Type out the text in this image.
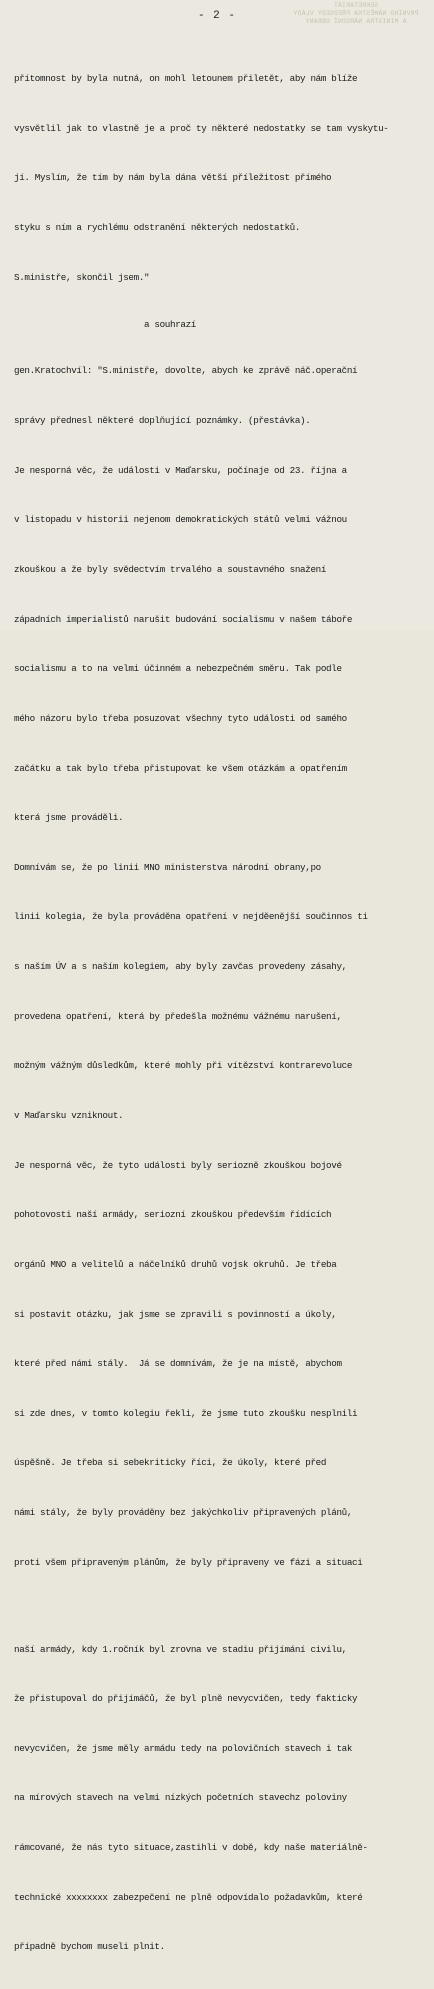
SEKRETARIÁT
PRVNÍHO NÁMĚSTKA PŘEDSEDY VLÁDY
A MINISTRA NÁRODNÍ OBRANY
- 2 -

přítomnost by byla nutná, on mohl letounem přiletět, aby nám blíže

vysvětlil jak to vlastně je a proč ty některé nedostatky se tam vyskytu-

jí. Myslím, že tím by nám byla dána větší příležitost přímého

styku s ním a rychlému odstranění některých nedostatků.

S.ministře, skončil jsem."

a souhrazí

gen.Kratochvíl: "S.ministře, dovolte, abych ke zprávě náč.operační

správy přednesl některé doplňující poznámky. (přestávka).

Je nesporná věc, že události v Maďarsku, počínaje od 23. října a

v listopadu v historii nejenom demokratických států velmi vážnou

zkouškou a že byly svědectvím trvalého a soustavného snažení

západních imperialistů narušit budování socialismu v našem táboře

socialismu a to na velmi účinném a nebezpečném směru. Tak podle

mého názoru bylo třeba posuzovat všechny tyto události od samého

začátku a tak bylo třeba přistupovat ke všem otázkám a opatřením

která jsme prováděli.

Domnívám se, že po linii MNO ministerstva národní obrany,po

linii kolegia, že byla prováděna opatření v nejděenější součinnos ti

s naším ÚV a s naším kolegiem, aby byly zavčas provedeny zásahy,

provedena opatření, která by předešla možnému vážnému narušení,

možným vážným důsledkům, které mohly při vítězství kontrarevoluce

v Maďarsku vzniknout.

Je nesporná věc, že tyto události byly seriozně zkouškou bojové

pohotovosti naší armády, seriozní zkouškou především řídících

orgánů MNO a velitelů a náčelníků druhů vojsk okruhů. Je třeba

si postavit otázku, jak jsme se zpravili s povinností a úkoly,

které před námi stály.  Já se domnívám, že je na místě, abychom

si zde dnes, v tomto kolegiu řekli, že jsme tuto zkoušku nesplnili

úspěšně. Je třeba si sebekriticky říci, že úkoly, které před

námi stály, že byly prováděny bez jakýchkoliv připravených plánů,

proti všem připraveným plánům, že byly připraveny ve fázi a situaci

naší armády, kdy 1.ročník byl zrovna ve stadiu přijímání civilu,

že přistupoval do přijímáčů, že byl plně nevycvičen, tedy fakticky

nevycvičen, že jsme měly armádu tedy na polovičních stavech i tak

na mírových stavech na velmi nízkých početních stavechz poloviny

rámcované, že nás tyto situace,zastihli v době, kdy naše materiálně-

technické xxxxxxxx zabezpečení ne plně odpovídalo požadavkům, které

případně bychom museli plnit.
